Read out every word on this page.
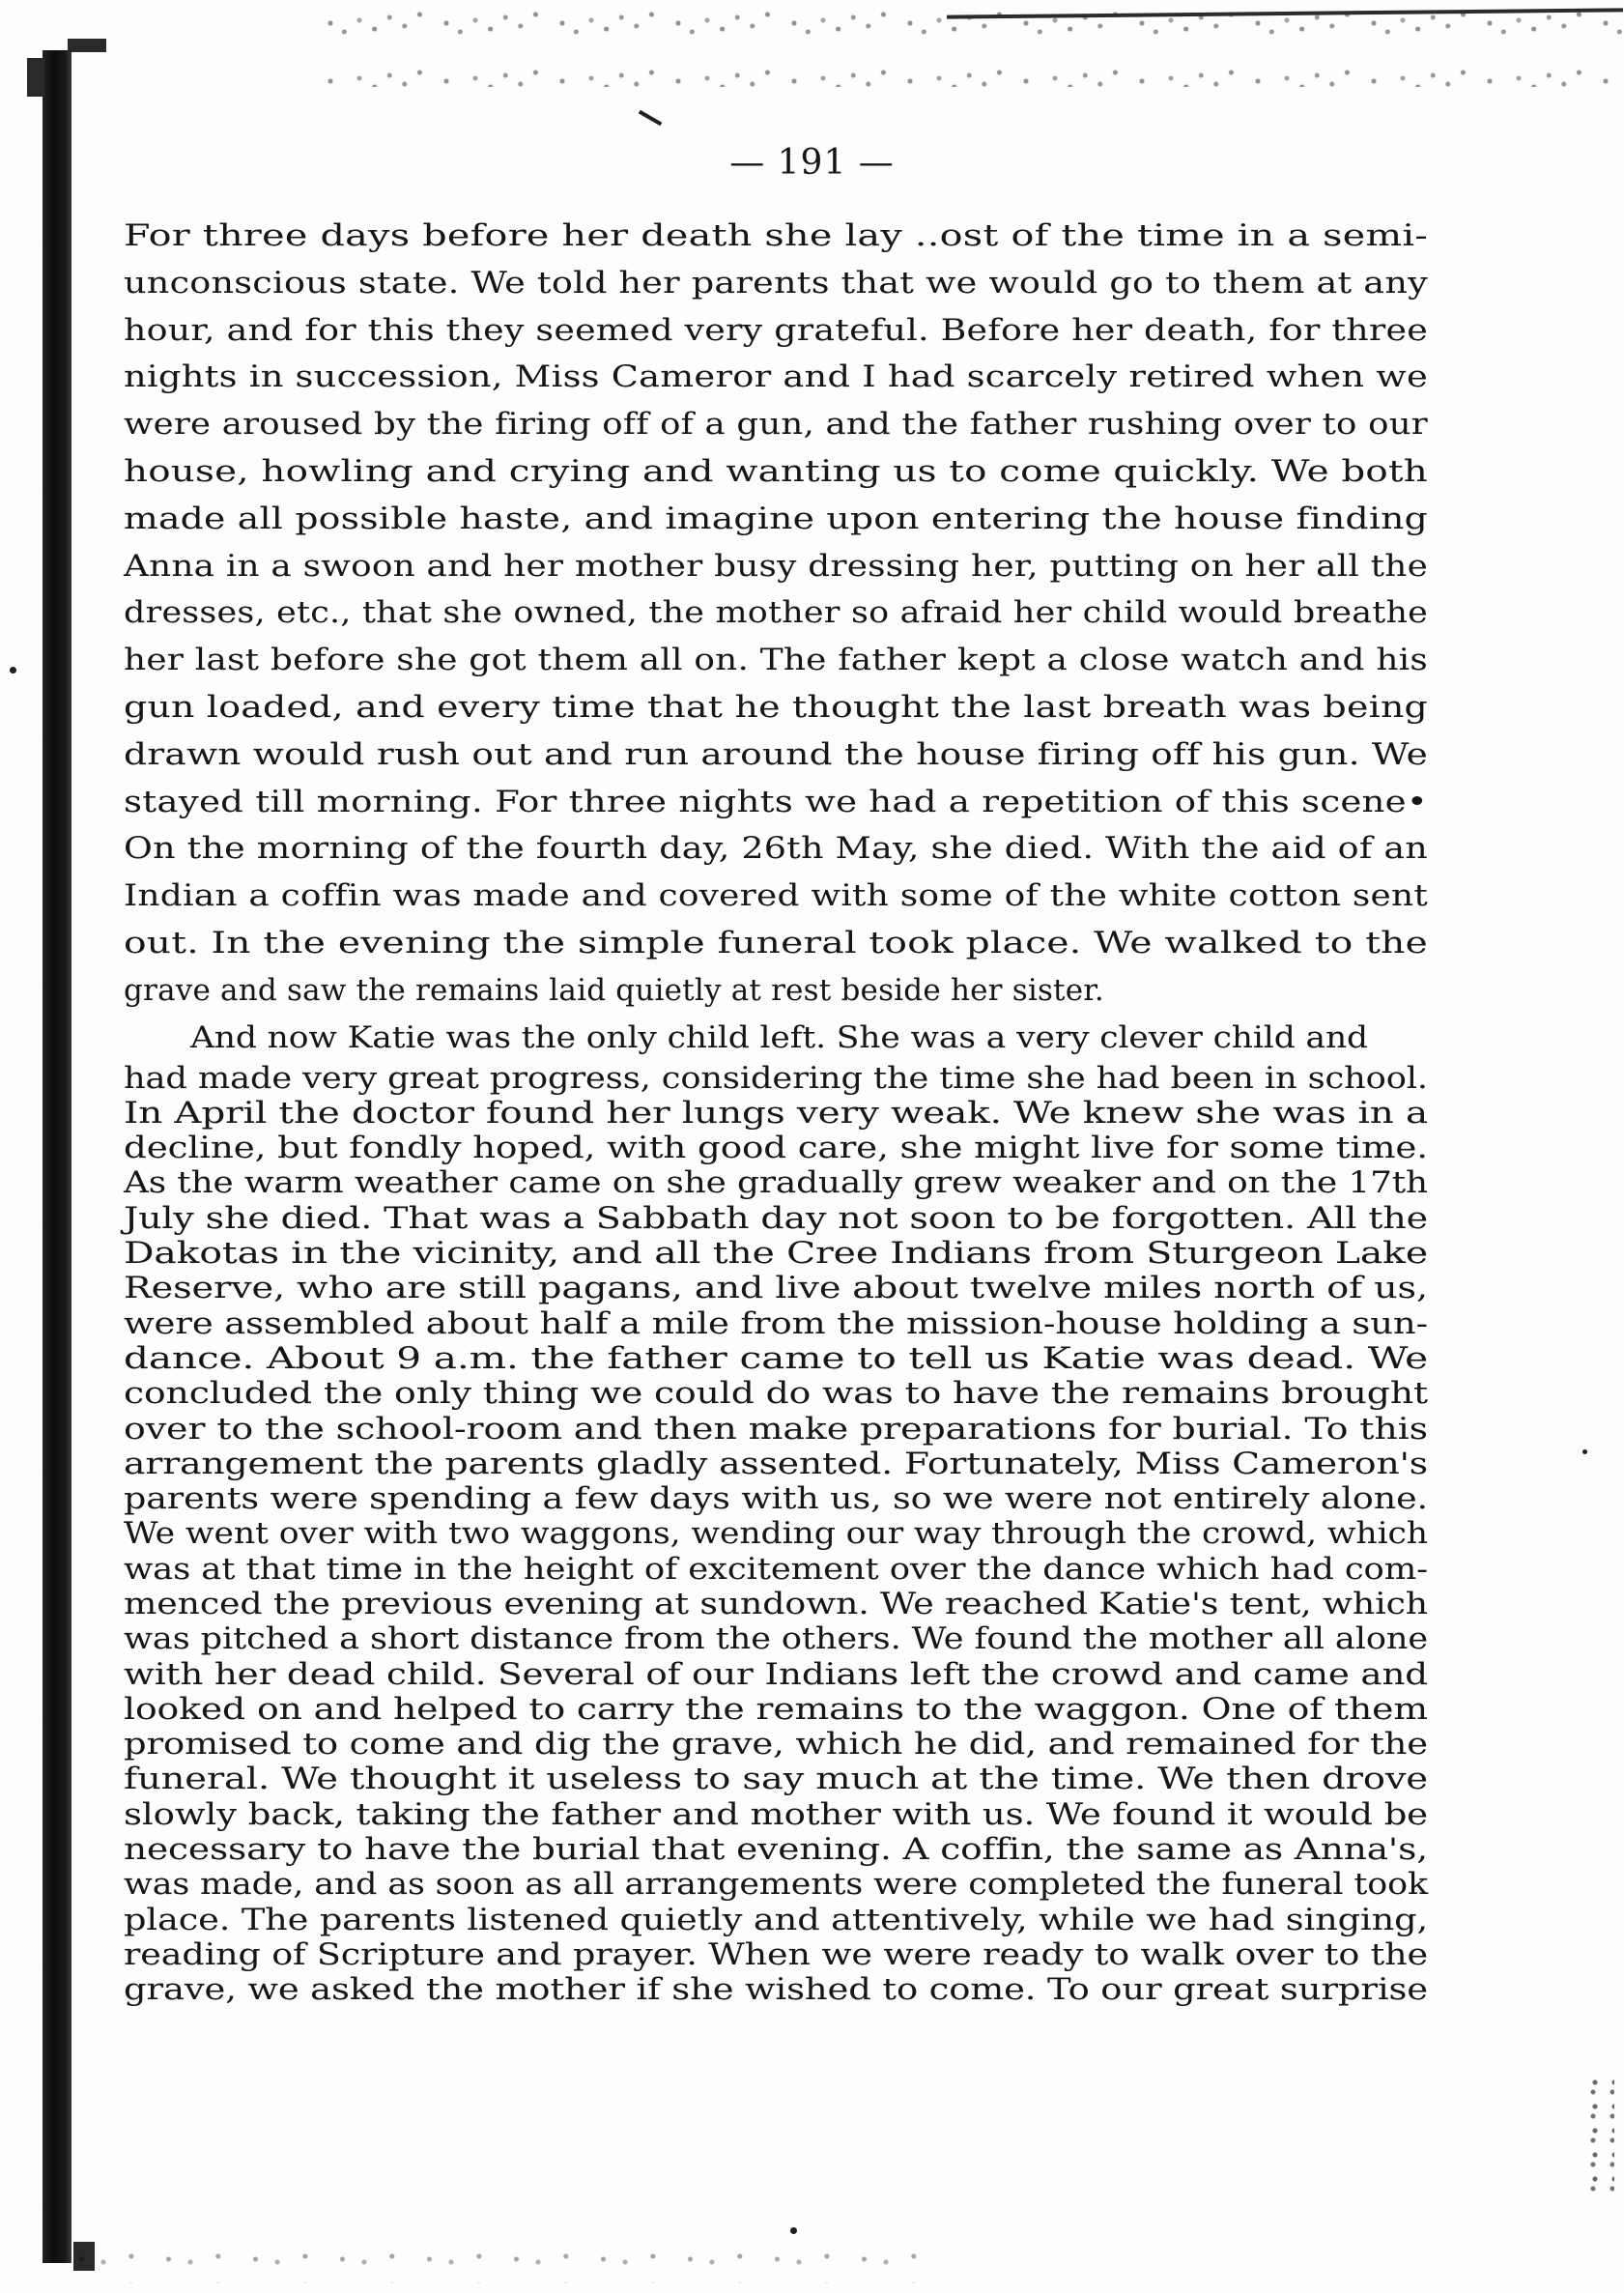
— 191 —
For three days before her death she lay ..ost of the time in a semi-
unconscious state. We told her parents that we would go to them at any
hour, and for this they seemed very grateful. Before her death, for three
nights in succession, Miss Cameror and I had scarcely retired when we
were aroused by the firing off of a gun, and the father rushing over to our
house, howling and crying and wanting us to come quickly. We both
made all possible haste, and imagine upon entering the house finding
Anna in a swoon and her mother busy dressing her, putting on her all the
dresses, etc., that she owned, the mother so afraid her child would breathe
her last before she got them all on. The father kept a close watch and his
gun loaded, and every time that he thought the last breath was being
drawn would rush out and run around the house firing off his gun. We
stayed till morning. For three nights we had a repetition of this scene•
On the morning of the fourth day, 26th May, she died. With the aid of an
Indian a coffin was made and covered with some of the white cotton sent
out. In the evening the simple funeral took place. We walked to the
grave and saw the remains laid quietly at rest beside her sister.
And now Katie was the only child left. She was a very clever child and
had made very great progress, considering the time she had been in school.
In April the doctor found her lungs very weak. We knew she was in a
decline, but fondly hoped, with good care, she might live for some time.
As the warm weather came on she gradually grew weaker and on the 17th
July she died. That was a Sabbath day not soon to be forgotten. All the
Dakotas in the vicinity, and all the Cree Indians from Sturgeon Lake
Reserve, who are still pagans, and live about twelve miles north of us,
were assembled about half a mile from the mission-house holding a sun-
dance. About 9 a.m. the father came to tell us Katie was dead. We
concluded the only thing we could do was to have the remains brought
over to the school-room and then make preparations for burial. To this
arrangement the parents gladly assented. Fortunately, Miss Cameron's
parents were spending a few days with us, so we were not entirely alone.
We went over with two waggons, wending our way through the crowd, which
was at that time in the height of excitement over the dance which had com-
menced the previous evening at sundown. We reached Katie's tent, which
was pitched a short distance from the others. We found the mother all alone
with her dead child. Several of our Indians left the crowd and came and
looked on and helped to carry the remains to the waggon. One of them
promised to come and dig the grave, which he did, and remained for the
funeral. We thought it useless to say much at the time. We then drove
slowly back, taking the father and mother with us. We found it would be
necessary to have the burial that evening. A coffin, the same as Anna's,
was made, and as soon as all arrangements were completed the funeral took
place. The parents listened quietly and attentively, while we had singing,
reading of Scripture and prayer. When we were ready to walk over to the
grave, we asked the mother if she wished to come. To our great surprise
